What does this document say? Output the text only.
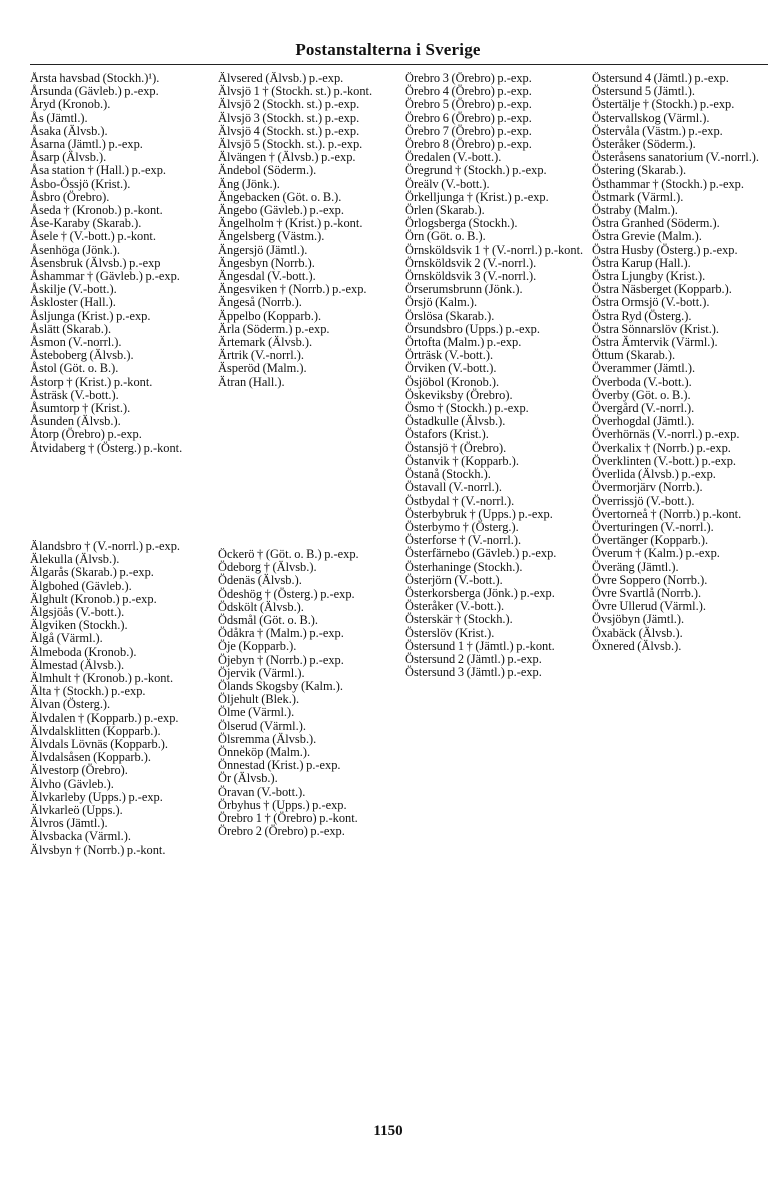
Postanstalterna i Sverige

Årsta havsbad (Stockh.)¹).

Årsunda (Gävleb.) p.-exp.

Åryd (Kronob.).

Ås (Jämtl.).

Åsaka (Älvsb.).

Åsarna (Jämtl.) p.-exp.

Åsarp (Älvsb.).

Åsa station † (Hall.) p.-exp.

Åsbo-Össjö (Krist.).

Åsbro (Örebro).

Åseda † (Kronob.) p.-kont.

Åse-Karaby (Skarab.).

Åsele † (V.-bott.) p.-kont.

Åsenhöga (Jönk.).

Åsensbruk (Älvsb.) p.-exp

Åshammar † (Gävleb.) p.-exp.

Åskilje (V.-bott.).

Åskloster (Hall.).

Åsljunga (Krist.) p.-exp.

Åslätt (Skarab.).

Åsmon (V.-norrl.).

Åsteboberg (Älvsb.).

Åstol (Göt. o. B.).

Åstorp † (Krist.) p.-kont.

Åsträsk (V.-bott.).

Åsumtorp † (Krist.).

Åsunden (Älvsb.).

Åtorp (Örebro) p.-exp.

Åtvidaberg † (Österg.) p.-kont.

Älandsbro † (V.-norrl.) p.-exp.

Älekulla (Älvsb.).

Älgarås (Skarab.) p.-exp.

Älgbohed (Gävleb.).

Älghult (Kronob.) p.-exp.

Älgsjöås (V.-bott.).

Älgviken (Stockh.).

Älgå (Värml.).

Älmeboda (Kronob.).

Älmestad (Älvsb.).

Älmhult † (Kronob.) p.-kont.

Älta † (Stockh.) p.-exp.

Älvan (Österg.).

Älvdalen † (Kopparb.) p.-exp.

Älvdalsklitten (Kopparb.).

Älvdals Lövnäs (Kopparb.).

Älvdalsåsen (Kopparb.).

Älvestorp (Örebro).

Älvho (Gävleb.).

Älvkarleby (Upps.) p.-exp.

Älvkarleö (Upps.).

Älvros (Jämtl.).

Älvsbacka (Värml.).

Älvsbyn † (Norrb.) p.-kont.

Älvsered (Älvsb.) p.-exp.

Älvsjö 1 † (Stockh. st.) p.-kont.

Älvsjö 2 (Stockh. st.) p.-exp.

Älvsjö 3 (Stockh. st.) p.-exp.

Älvsjö 4 (Stockh. st.) p.-exp.

Älvsjö 5 (Stockh. st.). p.-exp.

Älvängen † (Älvsb.) p.-exp.

Ändebol (Söderm.).

Äng (Jönk.).

Ängebacken (Göt. o. B.).

Ängebo (Gävleb.) p.-exp.

Ängelholm † (Krist.) p.-kont.

Ängelsberg (Västm.).

Ängersjö (Jämtl.).

Ängesbyn (Norrb.).

Ängesdal (V.-bott.).

Ängesviken † (Norrb.) p.-exp.

Ängeså (Norrb.).

Äppelbo (Kopparb.).

Ärla (Söderm.) p.-exp.

Ärtemark (Älvsb.).

Ärtrik (V.-norrl.).

Äsperöd (Malm.).

Ätran (Hall.).

Öckerö † (Göt. o. B.) p.-exp.

Ödeborg † (Älvsb.).

Ödenäs (Älvsb.).

Ödeshög † (Österg.) p.-exp.

Ödskölt (Älvsb.).

Ödsmål (Göt. o. B.).

Ödåkra † (Malm.) p.-exp.

Öje (Kopparb.).

Öjebyn † (Norrb.) p.-exp.

Öjervik (Värml.).

Ölands Skogsby (Kalm.).

Öljehult (Blek.).

Ölme (Värml.).

Ölserud (Värml.).

Ölsremma (Älvsb.).

Önneköp (Malm.).

Önnestad (Krist.) p.-exp.

Ör (Älvsb.).

Öravan (V.-bott.).

Örbyhus † (Upps.) p.-exp.

Örebro 1 † (Örebro) p.-kont.

Örebro 2 (Örebro) p.-exp.

Örebro 3 (Örebro) p.-exp.

Örebro 4 (Örebro) p.-exp.

Örebro 5 (Örebro) p.-exp.

Örebro 6 (Örebro) p.-exp.

Örebro 7 (Örebro) p.-exp.

Örebro 8 (Örebro) p.-exp.

Öredalen (V.-bott.).

Öregrund † (Stockh.) p.-exp.

Öreälv (V.-bott.).

Örkelljunga † (Krist.) p.-exp.

Örlen (Skarab.).

Örlogsberga (Stockh.).

Örn (Göt. o. B.).

Örnsköldsvik 1 † (V.-norrl.) p.-kont.

Örnsköldsvik 2 (V.-norrl.).

Örnsköldsvik 3 (V.-norrl.).

Örserumsbrunn (Jönk.).

Örsjö (Kalm.).

Örslösa (Skarab.).

Örsundsbro (Upps.) p.-exp.

Örtofta (Malm.) p.-exp.

Örträsk (V.-bott.).

Örviken (V.-bott.).

Ösjöbol (Kronob.).

Öskeviksby (Örebro).

Ösmo † (Stockh.) p.-exp.

Östadkulle (Älvsb.).

Östafors (Krist.).

Östansjö † (Örebro).

Östanvik † (Kopparb.).

Östanå (Stockh.).

Östavall (V.-norrl.).

Östbydal † (V.-norrl.).

Österbybruk † (Upps.) p.-exp.

Österbymo † (Österg.).

Österforse † (V.-norrl.).

Österfärnebo (Gävleb.) p.-exp.

Österhaninge (Stockh.).

Österjörn (V.-bott.).

Österkorsberga (Jönk.) p.-exp.

Österåker (V.-bott.).

Österskär † (Stockh.).

Österslöv (Krist.).

Östersund 1 † (Jämtl.) p.-kont.

Östersund 2 (Jämtl.) p.-exp.

Östersund 3 (Jämtl.) p.-exp.

Östersund 4 (Jämtl.) p.-exp.

Östersund 5 (Jämtl.).

Östertälje † (Stockh.) p.-exp.

Östervallskog (Värml.).

Östervåla (Västm.) p.-exp.

Österåker (Söderm.).

Österåsens sanatorium (V.-norrl.).

Östering (Skarab.).

Östhammar † (Stockh.) p.-exp.

Östmark (Värml.).

Östraby (Malm.).

Östra Granhed (Söderm.).

Östra Grevie (Malm.).

Östra Husby (Österg.) p.-exp.

Östra Karup (Hall.).

Östra Ljungby (Krist.).

Östra Näsberget (Kopparb.).

Östra Ormsjö (V.-bott.).

Östra Ryd (Österg.).

Östra Sönnarslöv (Krist.).

Östra Ämtervik (Värml.).

Öttum (Skarab.).

Överammer (Jämtl.).

Överboda (V.-bott.).

Överby (Göt. o. B.).

Övergård (V.-norrl.).

Överhogdal (Jämtl.).

Överhörnäs (V.-norrl.) p.-exp.

Överkalix † (Norrb.) p.-exp.

Överklinten (V.-bott.) p.-exp.

Överlida (Älvsb.) p.-exp.

Övermorjärv (Norrb.).

Överrissjö (V.-bott.).

Övertorneå † (Norrb.) p.-kont.

Överturingen (V.-norrl.).

Övertänger (Kopparb.).

Överum † (Kalm.) p.-exp.

Överäng (Jämtl.).

Övre Soppero (Norrb.).

Övre Svartlå (Norrb.).

Övre Ullerud (Värml.).

Övsjöbyn (Jämtl.).

Öxabäck (Älvsb.).

Öxnered (Älvsb.).

1150
